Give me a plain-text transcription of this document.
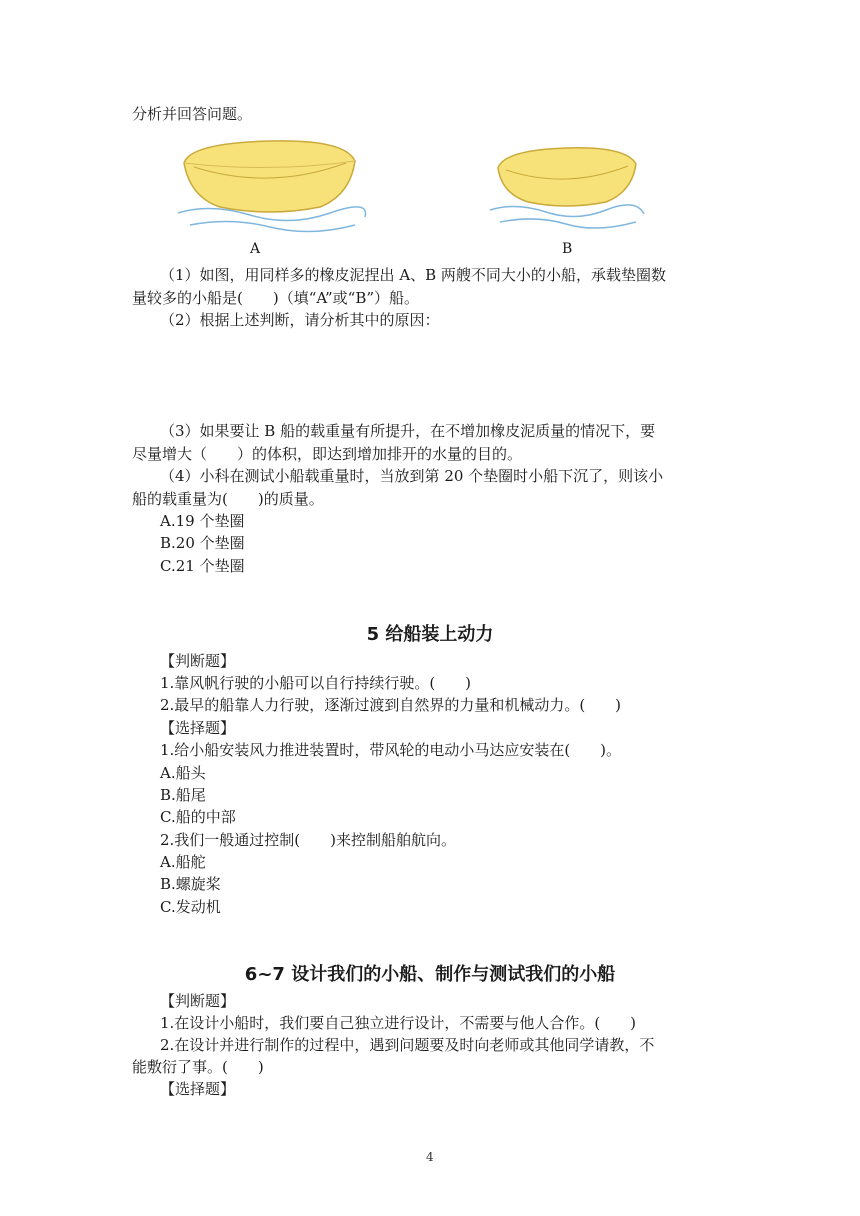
分析并回答问题。
A	B
（1）如图，用同样多的橡皮泥捏出 A、B 两艘不同大小的小船，承载垫圈数
量较多的小船是(　　)（填“A”或“B”）船。
（2）根据上述判断，请分析其中的原因：
（3）如果要让 B 船的载重量有所提升，在不增加橡皮泥质量的情况下，要
尽量增大（　　）的体积，即达到增加排开的水量的目的。
（4）小科在测试小船载重量时，当放到第 20 个垫圈时小船下沉了，则该小
船的载重量为(　　)的质量。
A.19 个垫圈
B.20 个垫圈
C.21 个垫圈
5 给船装上动力
【判断题】
1.靠风帆行驶的小船可以自行持续行驶。(　　)
2.最早的船靠人力行驶，逐渐过渡到自然界的力量和机械动力。(　　)
【选择题】
1.给小船安装风力推进装置时，带风轮的电动小马达应安装在(　　)。
A.船头
B.船尾
C.船的中部
2.我们一般通过控制(　　)来控制船舶航向。
A.船舵
B.螺旋桨
C.发动机
6~7 设计我们的小船、制作与测试我们的小船
【判断题】
1.在设计小船时，我们要自己独立进行设计，不需要与他人合作。(　　)
2.在设计并进行制作的过程中，遇到问题要及时向老师或其他同学请教，不
能敷衍了事。(　　)
【选择题】
4
